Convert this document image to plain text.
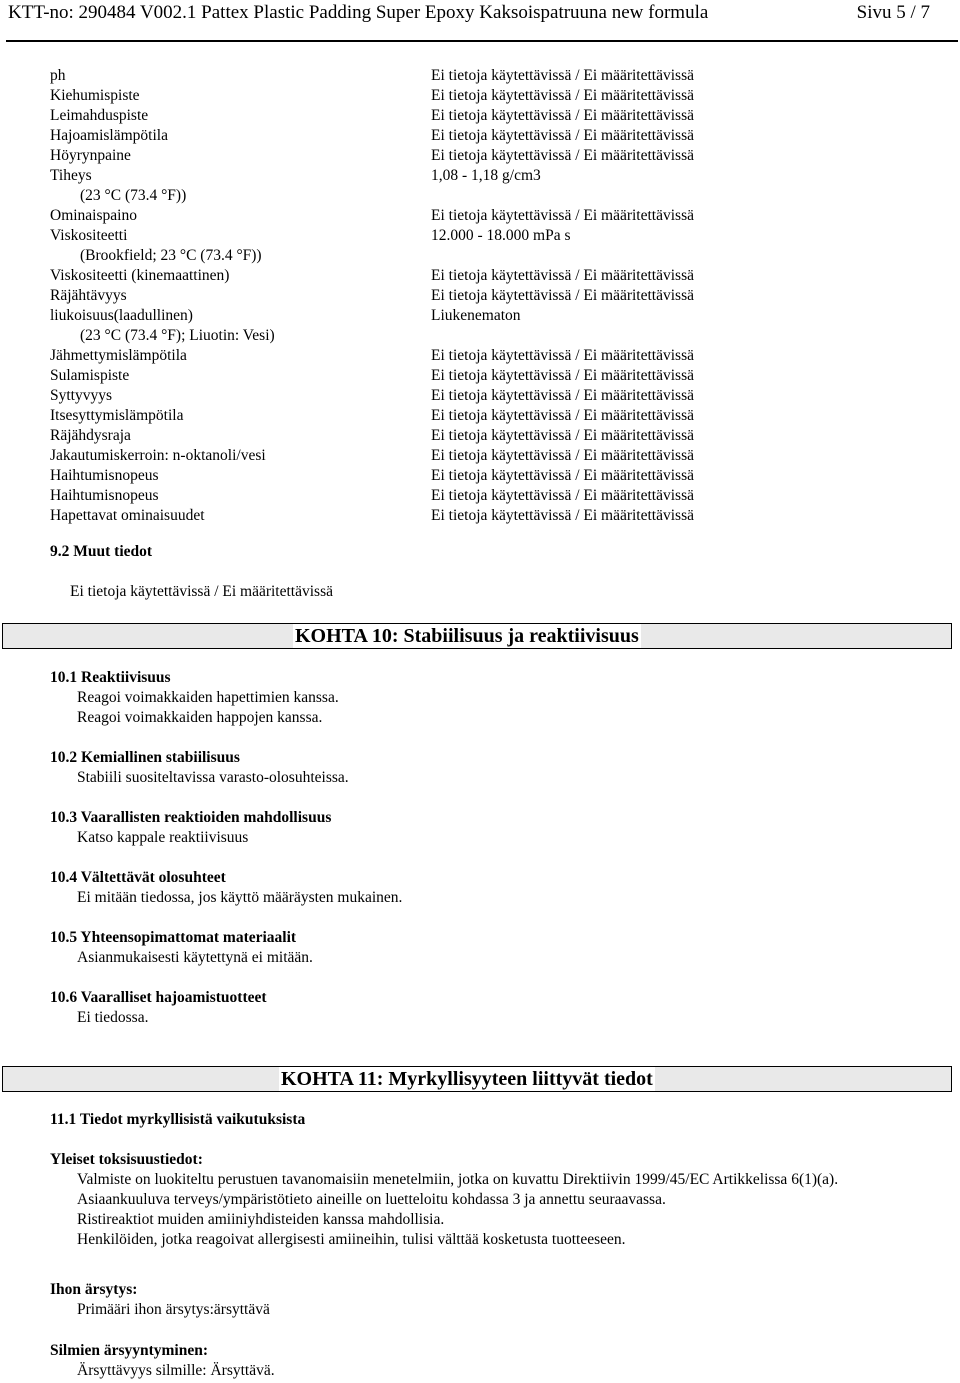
KTT-no: 290484 V002.1 Pattex Plastic Padding Super Epoxy Kaksoispatruuna new formula	Sivu 5 / 7
ph
Kiehumispiste
Leimahduspiste
Hajoamislämpötila
Höyrynpaine
Tiheys
(23 °C (73.4 °F))
Ominaispaino
Viskositeetti
(Brookfield; 23 °C (73.4 °F))
Viskositeetti (kinemaattinen)
Räjähtävyys
liukoisuus(laadullinen)
(23 °C (73.4 °F); Liuotin: Vesi)
Jähmettymislämpötila
Sulamispiste
Syttyvyys
Itsesyttymislämpötila
Räjähdysraja
Jakautumiskerroin: n-oktanoli/vesi
Haihtumisnopeus
Haihtumisnopeus
Hapettavat ominaisuudet
Ei tietoja käytettävissä / Ei määritettävissä
Ei tietoja käytettävissä / Ei määritettävissä
Ei tietoja käytettävissä / Ei määritettävissä
Ei tietoja käytettävissä / Ei määritettävissä
Ei tietoja käytettävissä / Ei määritettävissä
1,08 - 1,18 g/cm3
Ei tietoja käytettävissä / Ei määritettävissä
12.000 - 18.000 mPa s
Ei tietoja käytettävissä / Ei määritettävissä
Ei tietoja käytettävissä / Ei määritettävissä
Liukenematon
Ei tietoja käytettävissä / Ei määritettävissä
Ei tietoja käytettävissä / Ei määritettävissä
Ei tietoja käytettävissä / Ei määritettävissä
Ei tietoja käytettävissä / Ei määritettävissä
Ei tietoja käytettävissä / Ei määritettävissä
Ei tietoja käytettävissä / Ei määritettävissä
Ei tietoja käytettävissä / Ei määritettävissä
Ei tietoja käytettävissä / Ei määritettävissä
Ei tietoja käytettävissä / Ei määritettävissä
9.2 Muut tiedot
Ei tietoja käytettävissä / Ei määritettävissä
KOHTA 10: Stabiilisuus ja reaktiivisuus
10.1 Reaktiivisuus
Reagoi voimakkaiden hapettimien kanssa.
Reagoi voimakkaiden happojen kanssa.
10.2 Kemiallinen stabiilisuus
Stabiili suositeltavissa varasto-olosuhteissa.
10.3 Vaarallisten reaktioiden mahdollisuus
Katso kappale reaktiivisuus
10.4 Vältettävät olosuhteet
Ei mitään tiedossa, jos käyttö määräysten mukainen.
10.5 Yhteensopimattomat materiaalit
Asianmukaisesti käytettynä ei mitään.
10.6 Vaaralliset hajoamistuotteet
Ei tiedossa.
KOHTA 11: Myrkyllisyyteen liittyvät tiedot
11.1 Tiedot myrkyllisistä vaikutuksista
Yleiset toksisuustiedot:
Valmiste on luokiteltu perustuen tavanomaisiin menetelmiin, jotka on kuvattu Direktiivin 1999/45/EC Artikkelissa 6(1)(a).
Asiaankuuluva terveys/ympäristötieto aineille on luetteloitu kohdassa 3 ja annettu seuraavassa.
Ristireaktiot muiden amiiniyhdisteiden kanssa mahdollisia.
Henkilöiden, jotka reagoivat allergisesti amiineihin, tulisi välttää kosketusta tuotteeseen.
Ihon ärsytys:
Primääri ihon ärsytys:ärsyttävä
Silmien ärsyyntyminen:
Ärsyttävyys silmille: Ärsyttävä.
